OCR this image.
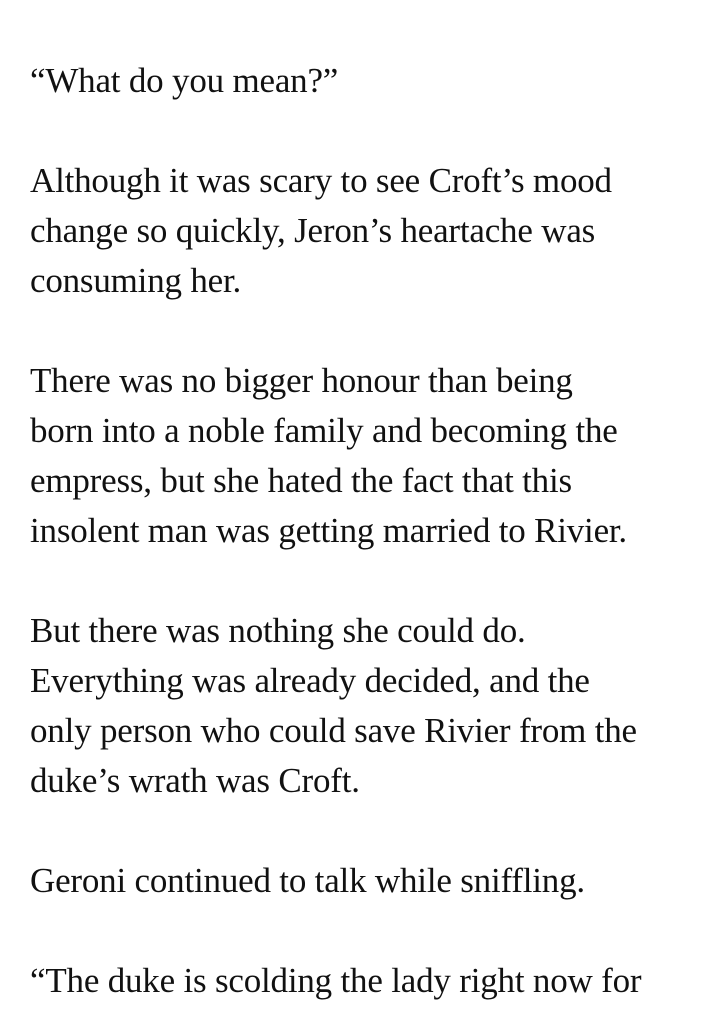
“What do you mean?”

Although it was scary to see Croft’s mood
change so quickly, Jeron’s heartache was
consuming her.

There was no bigger honour than being
born into a noble family and becoming the
empress, but she hated the fact that this
insolent man was getting married to Rivier.

But there was nothing she could do.
Everything was already decided, and the
only person who could save Rivier from the
duke’s wrath was Croft.

Geroni continued to talk while sniffling.

“The duke is scolding the lady right now for
